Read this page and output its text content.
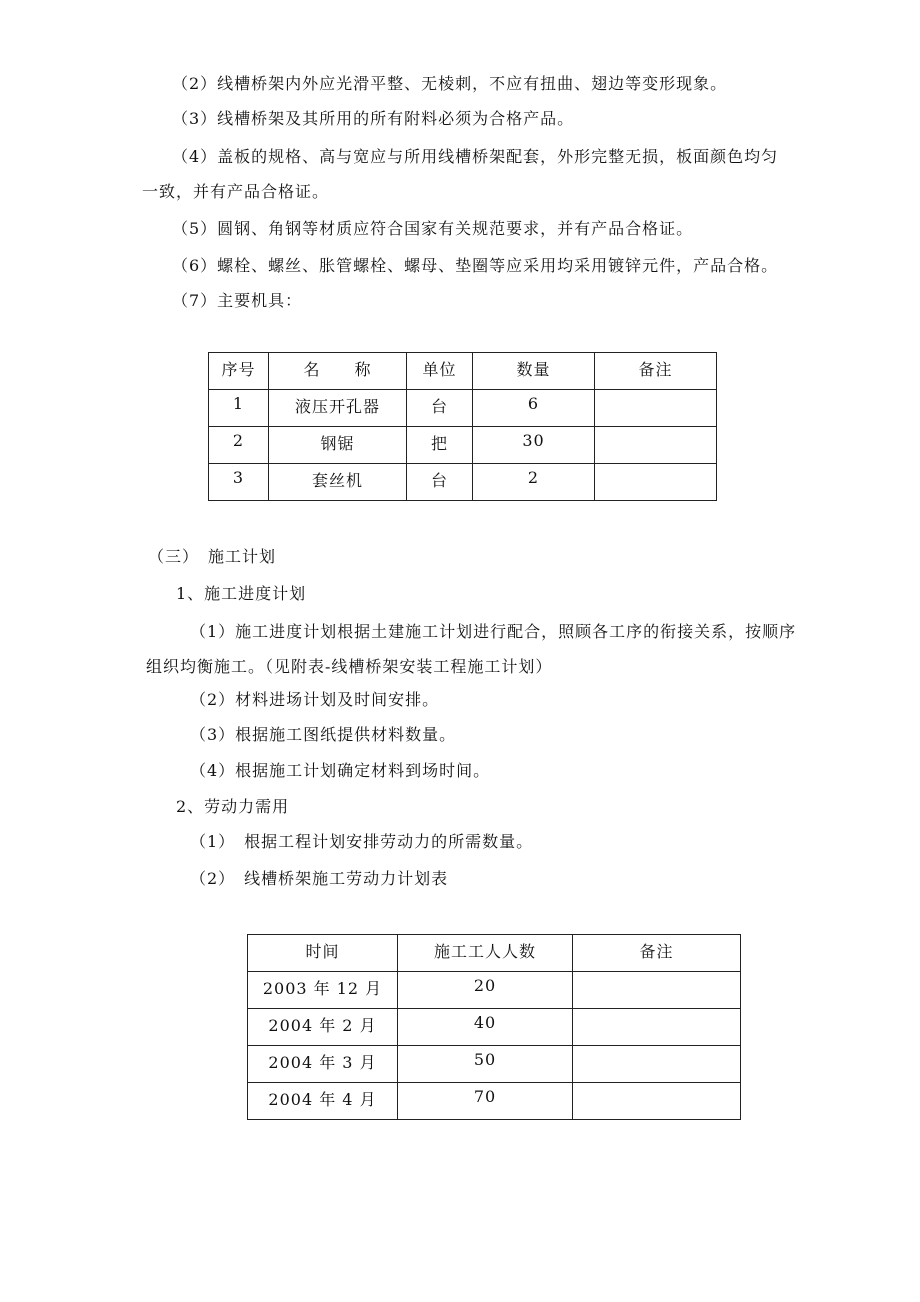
（2）线槽桥架内外应光滑平整、无棱刺，不应有扭曲、翅边等变形现象。
（3）线槽桥架及其所用的所有附料必须为合格产品。
（4）盖板的规格、高与宽应与所用线槽桥架配套，外形完整无损，板面颜色均匀
一致，并有产品合格证。
（5）圆钢、角钢等材质应符合国家有关规范要求，并有产品合格证。
（6）螺栓、螺丝、胀管螺栓、螺母、垫圈等应采用均采用镀锌元件，产品合格。
（7）主要机具：
序号	名　　称	单位	数量	备注
1	液压开孔器	台	6	
2	钢锯	把	30	
3	套丝机	台	2	
（三）　施工计划
1、施工进度计划
（1）施工进度计划根据土建施工计划进行配合，照顾各工序的衔接关系，按顺序
组织均衡施工。（见附表-线槽桥架安装工程施工计划）
（2）材料进场计划及时间安排。
（3）根据施工图纸提供材料数量。
（4）根据施工计划确定材料到场时间。
2、劳动力需用
（1）　根据工程计划安排劳动力的所需数量。
（2）　线槽桥架施工劳动力计划表
时间	施工工人人数	备注
2003 年 12 月	20	
2004 年 2 月	40	
2004 年 3 月	50	
2004 年 4 月	70	
